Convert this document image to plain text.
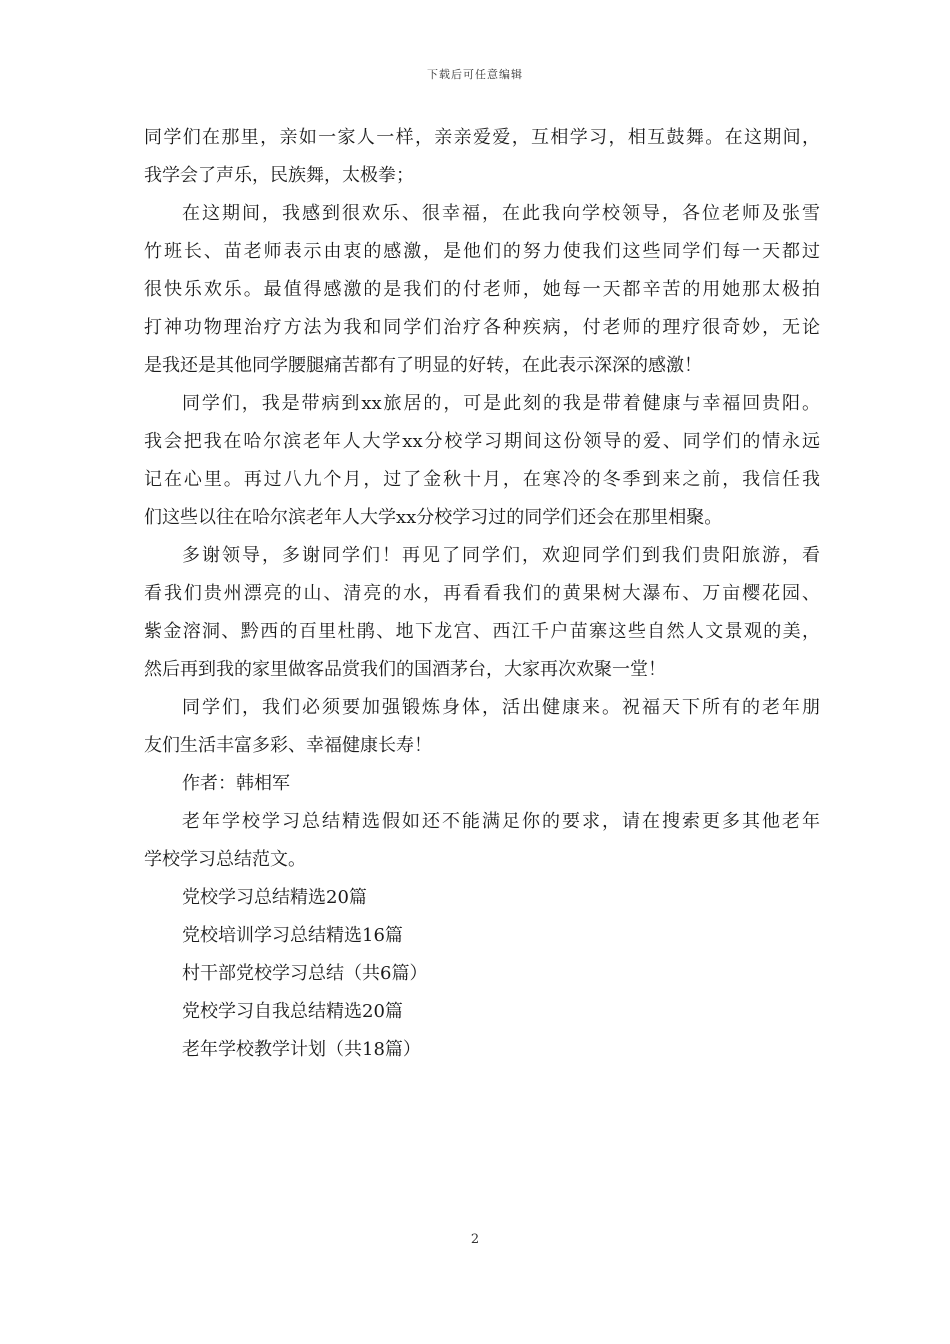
下载后可任意编辑
同学们在那里，亲如一家人一样，亲亲爱爱，互相学习，相互鼓舞。在这期间，
我学会了声乐，民族舞，太极拳；
在这期间，我感到很欢乐、很幸福，在此我向学校领导，各位老师及张雪
竹班长、苗老师表示由衷的感激，是他们的努力使我们这些同学们每一天都过
很快乐欢乐。最值得感激的是我们的付老师，她每一天都辛苦的用她那太极拍
打神功物理治疗方法为我和同学们治疗各种疾病，付老师的理疗很奇妙，无论
是我还是其他同学腰腿痛苦都有了明显的好转，在此表示深深的感激！
同学们，我是带病到xx旅居的，可是此刻的我是带着健康与幸福回贵阳。
我会把我在哈尔滨老年人大学xx分校学习期间这份领导的爱、同学们的情永远
记在心里。再过八九个月，过了金秋十月，在寒冷的冬季到来之前，我信任我
们这些以往在哈尔滨老年人大学xx分校学习过的同学们还会在那里相聚。
多谢领导，多谢同学们！再见了同学们，欢迎同学们到我们贵阳旅游，看
看我们贵州漂亮的山、清亮的水，再看看我们的黄果树大瀑布、万亩樱花园、
紫金溶洞、黔西的百里杜鹃、地下龙宫、西江千户苗寨这些自然人文景观的美，
然后再到我的家里做客品赏我们的国酒茅台，大家再次欢聚一堂！
同学们，我们必须要加强锻炼身体，活出健康来。祝福天下所有的老年朋
友们生活丰富多彩、幸福健康长寿！
作者：韩相军
老年学校学习总结精选假如还不能满足你的要求，请在搜索更多其他老年
学校学习总结范文。
党校学习总结精选20篇
党校培训学习总结精选16篇
村干部党校学习总结（共6篇）
党校学习自我总结精选20篇
老年学校教学计划（共18篇）
2
